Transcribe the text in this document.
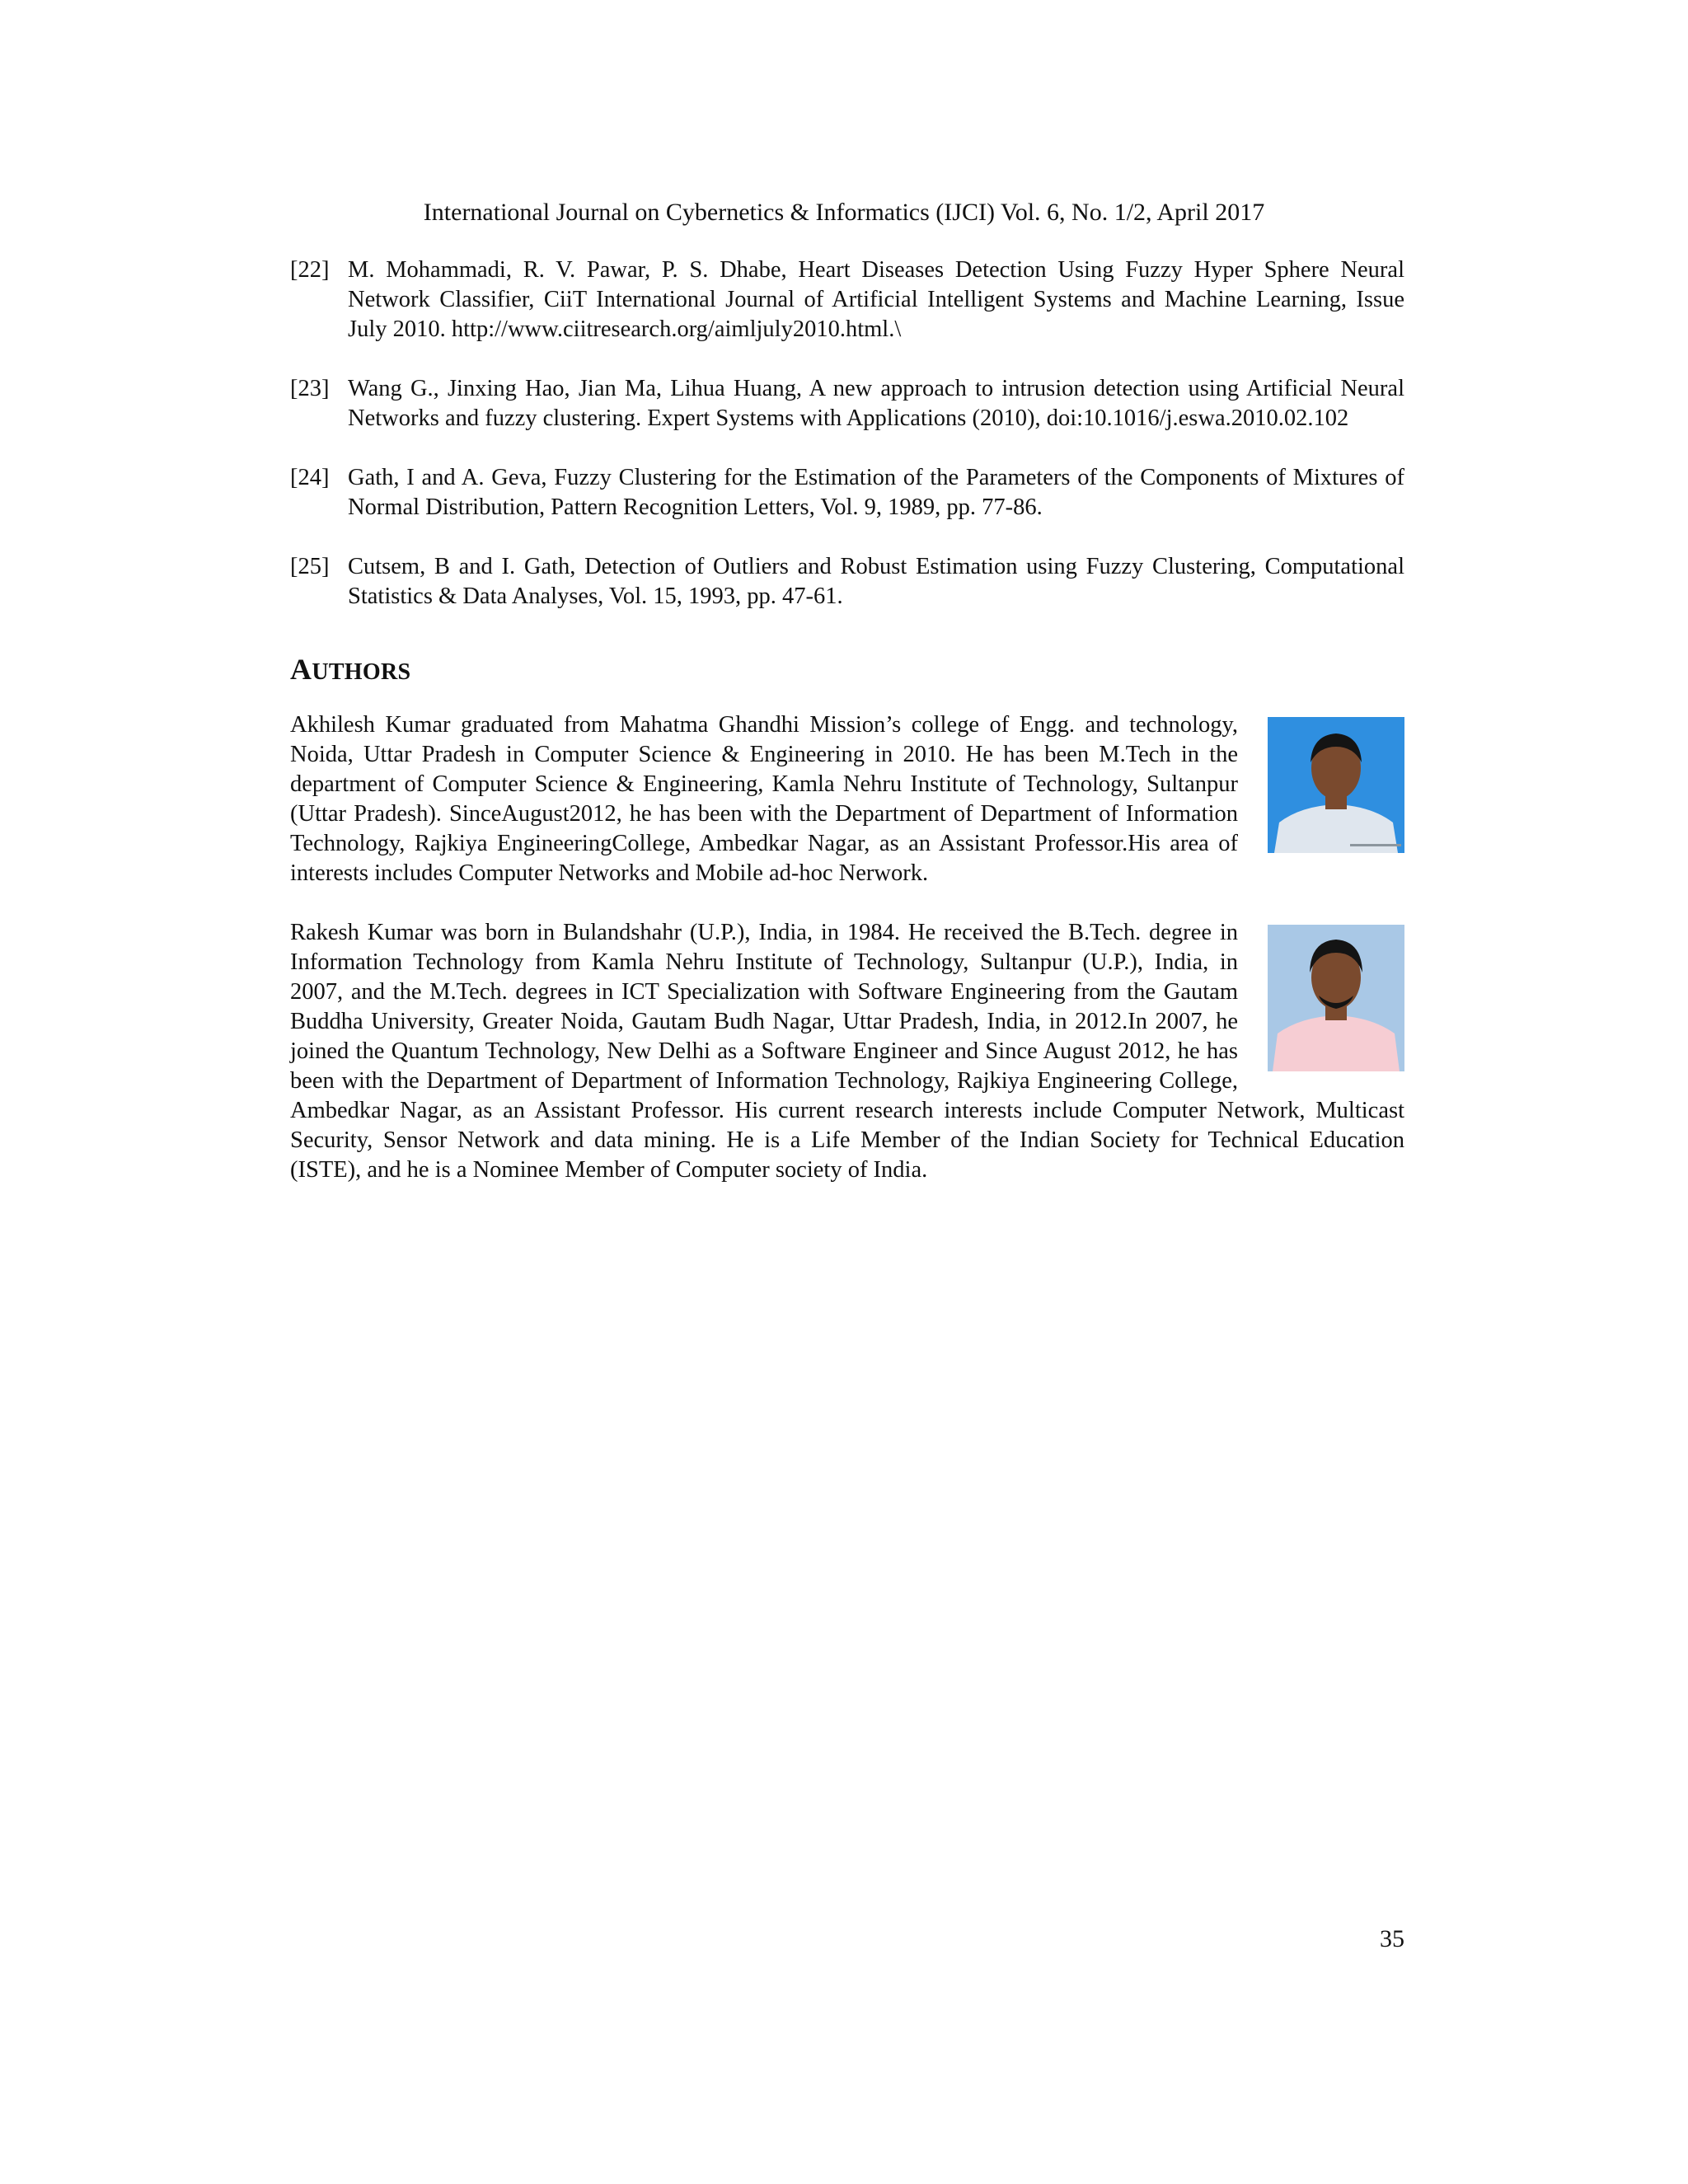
International Journal on Cybernetics & Informatics (IJCI) Vol. 6, No. 1/2, April 2017
[22] M. Mohammadi, R. V. Pawar, P. S. Dhabe, Heart Diseases Detection Using Fuzzy Hyper Sphere Neural Network Classifier, CiiT International Journal of Artificial Intelligent Systems and Machine Learning, Issue July 2010. http://www.ciitresearch.org/aimljuly2010.html.\
[23] Wang G., Jinxing Hao, Jian Ma, Lihua Huang, A new approach to intrusion detection using Artificial Neural Networks and fuzzy clustering. Expert Systems with Applications (2010), doi:10.1016/j.eswa.2010.02.102
[24] Gath, I and A. Geva, Fuzzy Clustering for the Estimation of the Parameters of the Components of Mixtures of Normal Distribution, Pattern Recognition Letters, Vol. 9, 1989, pp. 77-86.
[25] Cutsem, B and I. Gath, Detection of Outliers and Robust Estimation using Fuzzy Clustering, Computational Statistics & Data Analyses, Vol. 15, 1993, pp. 47-61.
AUTHORS
Akhilesh Kumar graduated from Mahatma Ghandhi Mission’s college of Engg. and technology, Noida, Uttar Pradesh in Computer Science & Engineering in 2010. He has been M.Tech in the department of Computer Science & Engineering, Kamla Nehru Institute of Technology, Sultanpur (Uttar Pradesh). SinceAugust2012, he has been with the Department of Department of Information Technology, Rajkiya EngineeringCollege, Ambedkar Nagar, as an Assistant Professor.His area of interests includes Computer Networks and Mobile ad-hoc Nerwork.
Rakesh Kumar was born in Bulandshahr (U.P.), India, in 1984. He received the B.Tech. degree in Information Technology from Kamla Nehru Institute of Technology, Sultanpur (U.P.), India, in 2007, and the M.Tech. degrees in ICT Specialization with Software Engineering from the Gautam Buddha University, Greater Noida, Gautam Budh Nagar, Uttar Pradesh, India, in 2012.In 2007, he joined the Quantum Technology, New Delhi as a Software Engineer and Since August 2012, he has been with the Department of Department of Information Technology, Rajkiya Engineering College, Ambedkar Nagar, as an Assistant Professor. His current research interests include Computer Network, Multicast Security, Sensor Network and data mining. He is a Life Member of the Indian Society for Technical Education (ISTE), and he is a Nominee Member of Computer society of India.
35
